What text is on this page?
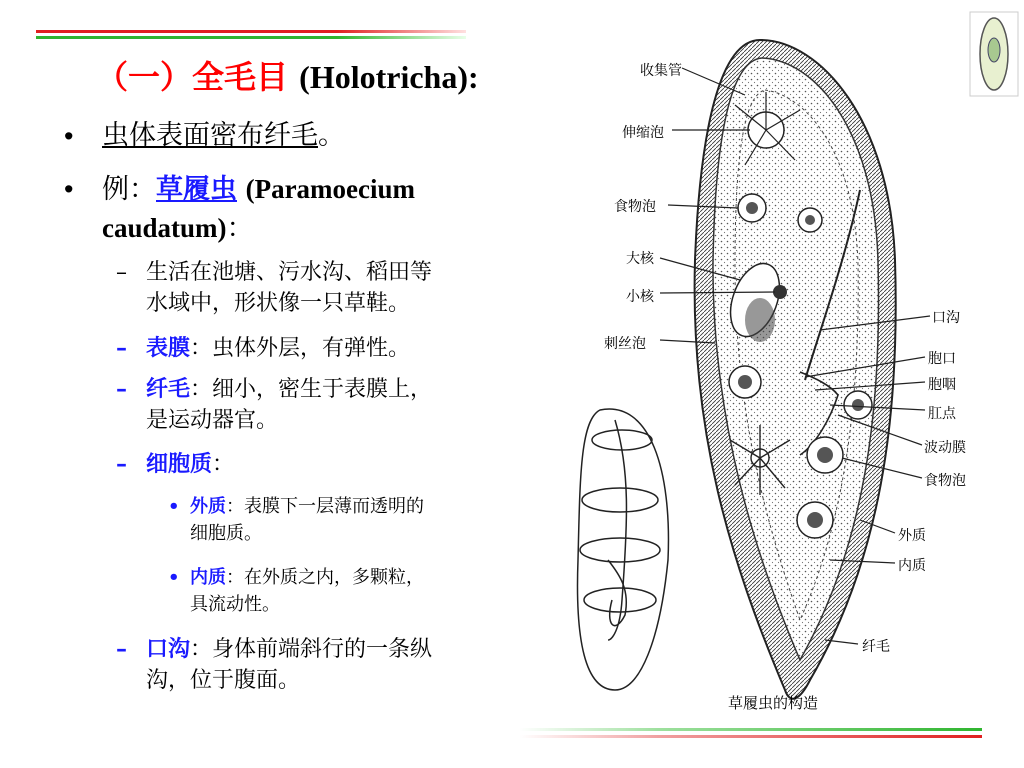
（一）全毛目 (Holotricha):
• 虫体表面密布纤毛。
• 例：草履虫 (Paramoecium
caudatum)：
– 生活在池塘、污水沟、稻田等
水域中，形状像一只草鞋。
– 表膜：虫体外层，有弹性。
– 纤毛：细小，密生于表膜上，
是运动器官。
– 细胞质：
• 外质：表膜下一层薄而透明的
细胞质。
• 内质：在外质之内，多颗粒，
具流动性。
– 口沟：身体前端斜行的一条纵
沟，位于腹面。
收集管
伸缩泡
食物泡
大核
小核
刺丝泡
口沟
胞口
胞咽
肛点
波动膜
食物泡
外质
内质
纤毛
草履虫的构造
